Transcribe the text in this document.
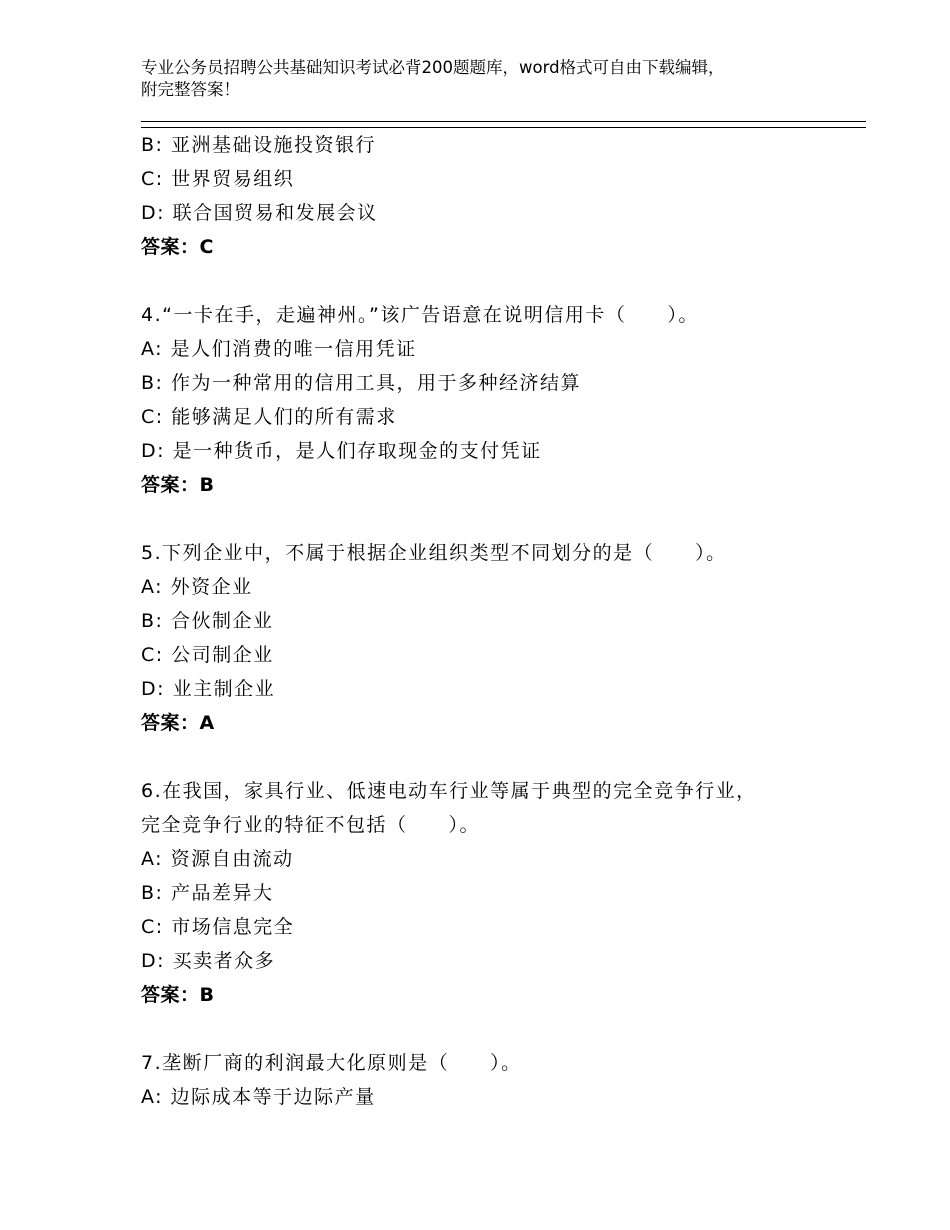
专业公务员招聘公共基础知识考试必背200题题库，word格式可自由下载编辑，
附完整答案！
B: 亚洲基础设施投资银行
C: 世界贸易组织
D: 联合国贸易和发展会议
答案：C
4.“一卡在手，走遍神州。”该广告语意在说明信用卡（　　）。
A: 是人们消费的唯一信用凭证
B: 作为一种常用的信用工具，用于多种经济结算
C: 能够满足人们的所有需求
D: 是一种货币，是人们存取现金的支付凭证
答案：B
5.下列企业中，不属于根据企业组织类型不同划分的是（　　）。
A: 外资企业
B: 合伙制企业
C: 公司制企业
D: 业主制企业
答案：A
6.在我国，家具行业、低速电动车行业等属于典型的完全竞争行业，
完全竞争行业的特征不包括（　　）。
A: 资源自由流动
B: 产品差异大
C: 市场信息完全
D: 买卖者众多
答案：B
7.垄断厂商的利润最大化原则是（　　）。
A: 边际成本等于边际产量
